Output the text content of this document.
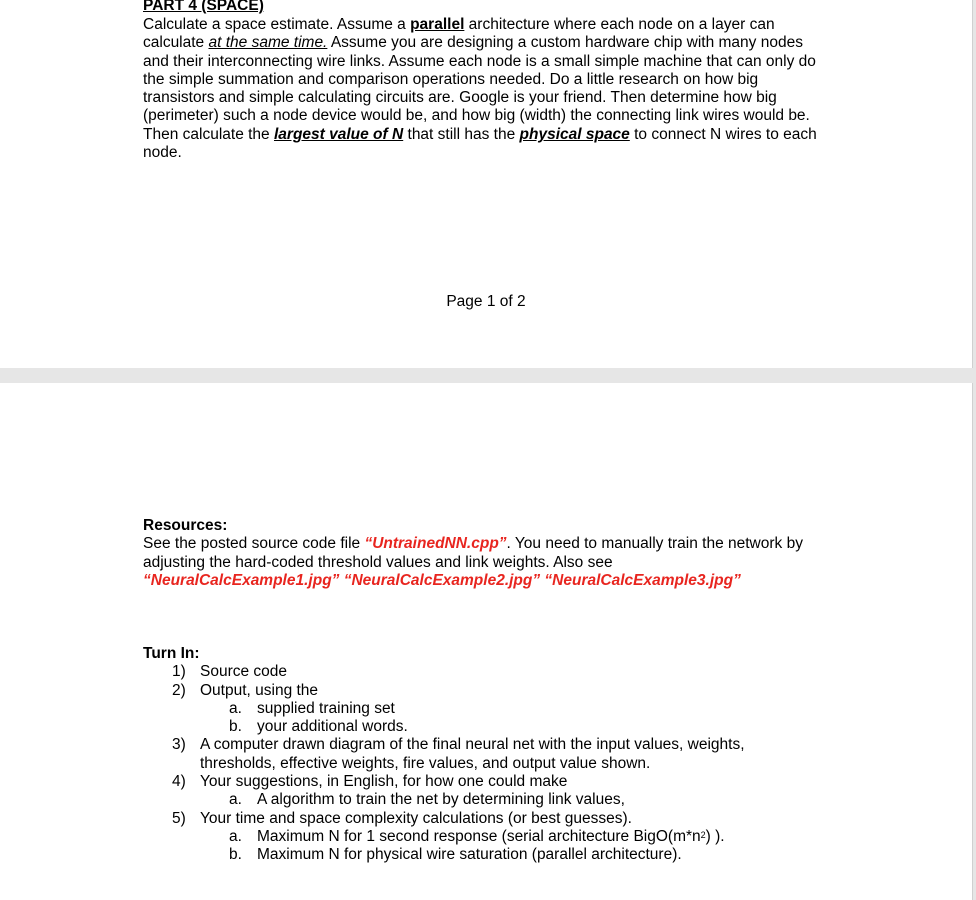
PART 4 (SPACE)
Calculate a space estimate. Assume a parallel architecture where each node on a layer can calculate at the same time. Assume you are designing a custom hardware chip with many nodes and their interconnecting wire links. Assume each node is a small simple machine that can only do the simple summation and comparison operations needed. Do a little research on how big transistors and simple calculating circuits are. Google is your friend. Then determine how big (perimeter) such a node device would be, and how big (width) the connecting link wires would be. Then calculate the largest value of N that still has the physical space to connect N wires to each node.
Page 1 of 2
Resources:
See the posted source code file “UntrainedNN.cpp”. You need to manually train the network by adjusting the hard-coded threshold values and link weights. Also see
“NeuralCalcExample1.jpg” “NeuralCalcExample2.jpg” “NeuralCalcExample3.jpg”
Turn In:
1) Source code
2) Output, using the
a. supplied training set
b. your additional words.
3) A computer drawn diagram of the final neural net with the input values, weights,
thresholds, effective weights, fire values, and output value shown.
4) Your suggestions, in English, for how one could make
a. A algorithm to train the net by determining link values,
5) Your time and space complexity calculations (or best guesses).
a. Maximum N for 1 second response (serial architecture $BigO(m*n^2)$ ).
b. Maximum N for physical wire saturation (parallel architecture).
